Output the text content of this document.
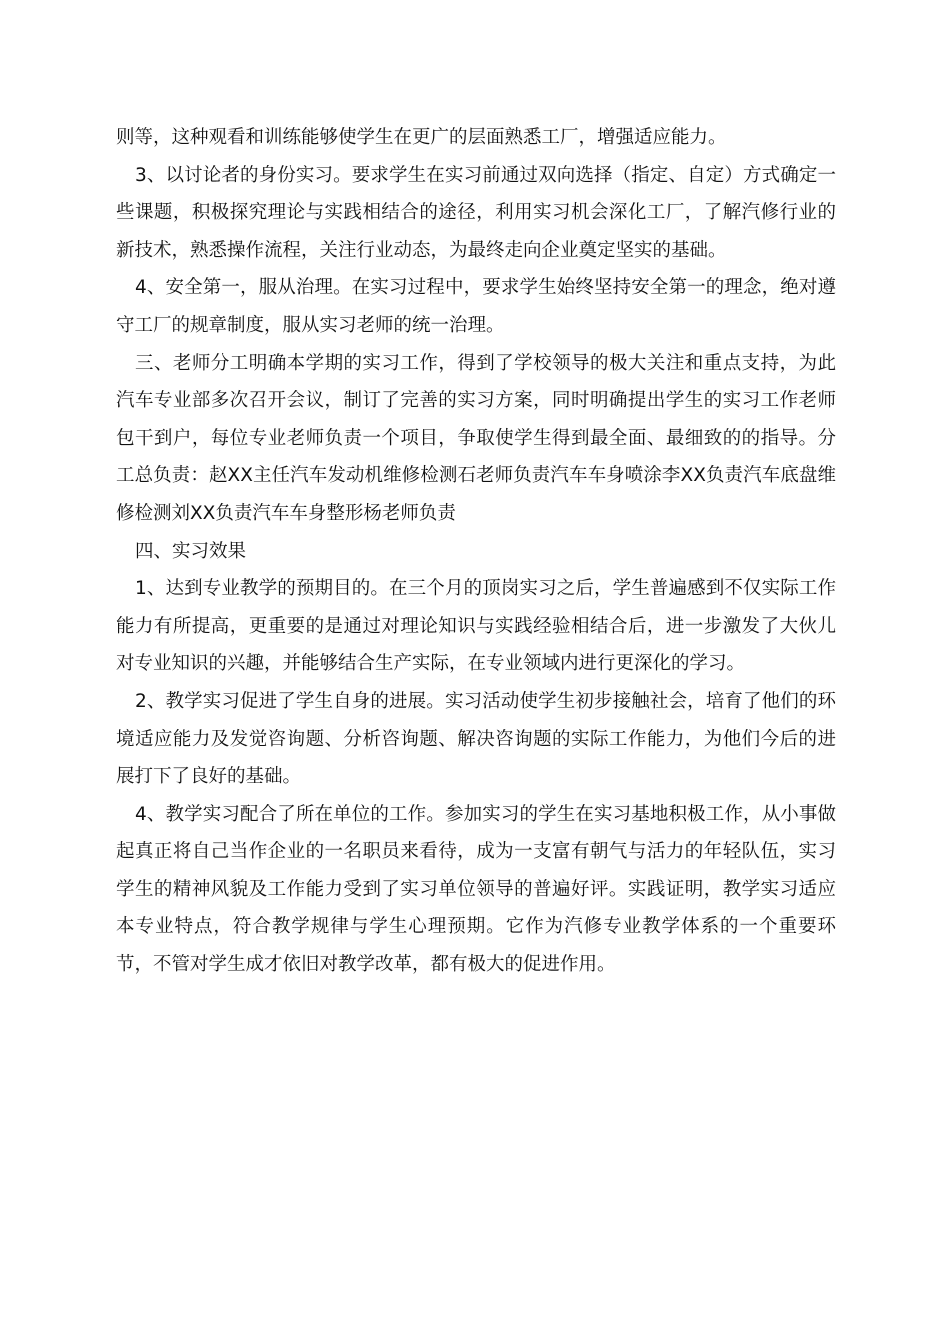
则等，这种观看和训练能够使学生在更广的层面熟悉工厂，增强适应能力。

3、以讨论者的身份实习。要求学生在实习前通过双向选择（指定、自定）方式确定一些课题，积极探究理论与实践相结合的途径，利用实习机会深化工厂，了解汽修行业的新技术，熟悉操作流程，关注行业动态，为最终走向企业奠定坚实的基础。

4、安全第一，服从治理。在实习过程中，要求学生始终坚持安全第一的理念，绝对遵守工厂的规章制度，服从实习老师的统一治理。

三、老师分工明确本学期的实习工作，得到了学校领导的极大关注和重点支持，为此汽车专业部多次召开会议，制订了完善的实习方案，同时明确提出学生的实习工作老师包干到户，每位专业老师负责一个项目，争取使学生得到最全面、最细致的的指导。分工总负责：赵XX主任汽车发动机维修检测石老师负责汽车车身喷涂李XX负责汽车底盘维修检测刘XX负责汽车车身整形杨老师负责

四、实习效果

1、达到专业教学的预期目的。在三个月的顶岗实习之后，学生普遍感到不仅实际工作能力有所提高，更重要的是通过对理论知识与实践经验相结合后，进一步激发了大伙儿对专业知识的兴趣，并能够结合生产实际，在专业领域内进行更深化的学习。

2、教学实习促进了学生自身的进展。实习活动使学生初步接触社会，培育了他们的环境适应能力及发觉咨询题、分析咨询题、解决咨询题的实际工作能力，为他们今后的进展打下了良好的基础。

4、教学实习配合了所在单位的工作。参加实习的学生在实习基地积极工作，从小事做起真正将自己当作企业的一名职员来看待，成为一支富有朝气与活力的年轻队伍，实习学生的精神风貌及工作能力受到了实习单位领导的普遍好评。实践证明，教学实习适应本专业特点，符合教学规律与学生心理预期。它作为汽修专业教学体系的一个重要环节，不管对学生成才依旧对教学改革，都有极大的促进作用。
